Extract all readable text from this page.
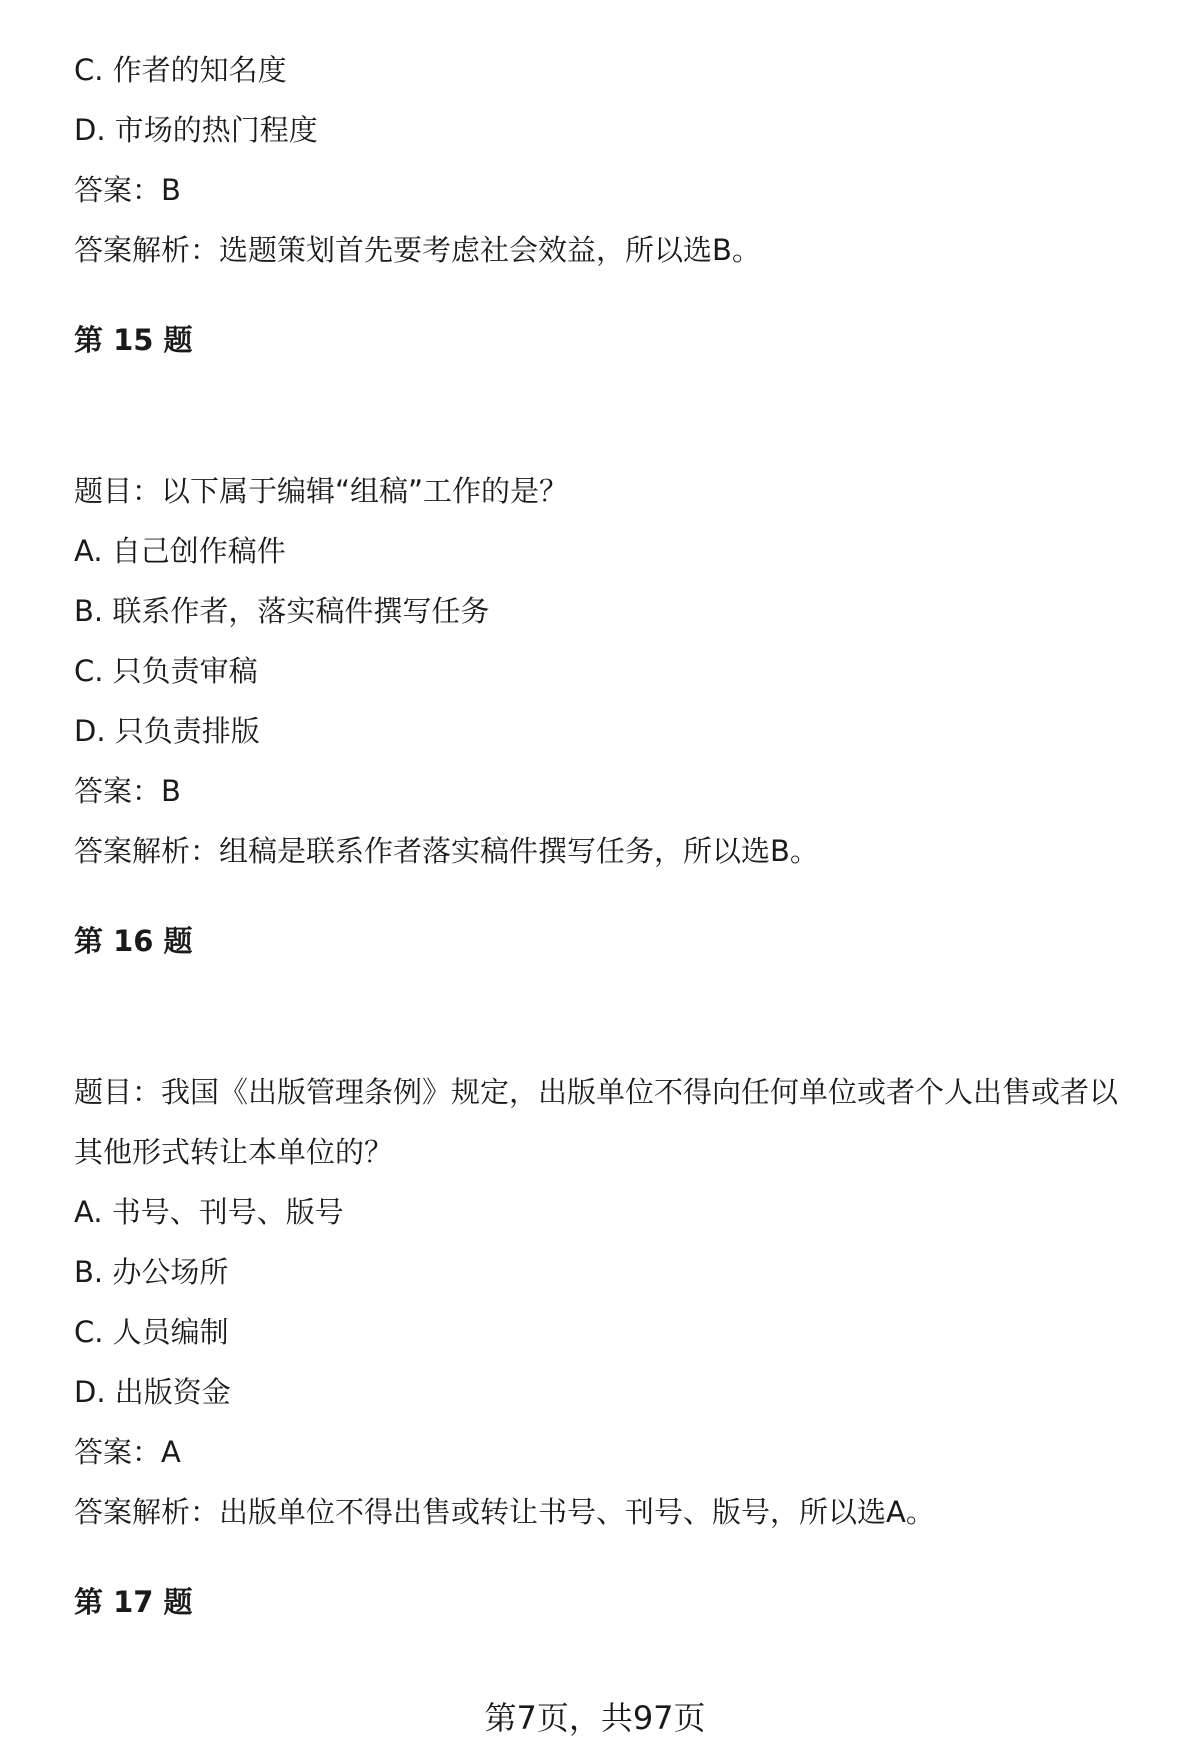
C. 作者的知名度
D. 市场的热门程度
答案：B
答案解析：选题策划首先要考虑社会效益，所以选B。
第 15 题
题目：以下属于编辑“组稿”工作的是？
A. 自己创作稿件
B. 联系作者，落实稿件撰写任务
C. 只负责审稿
D. 只负责排版
答案：B
答案解析：组稿是联系作者落实稿件撰写任务，所以选B。
第 16 题
题目：我国《出版管理条例》规定，出版单位不得向任何单位或者个人出售或者以
其他形式转让本单位的？
A. 书号、刊号、版号
B. 办公场所
C. 人员编制
D. 出版资金
答案：A
答案解析：出版单位不得出售或转让书号、刊号、版号，所以选A。
第 17 题
第7页，共97页
